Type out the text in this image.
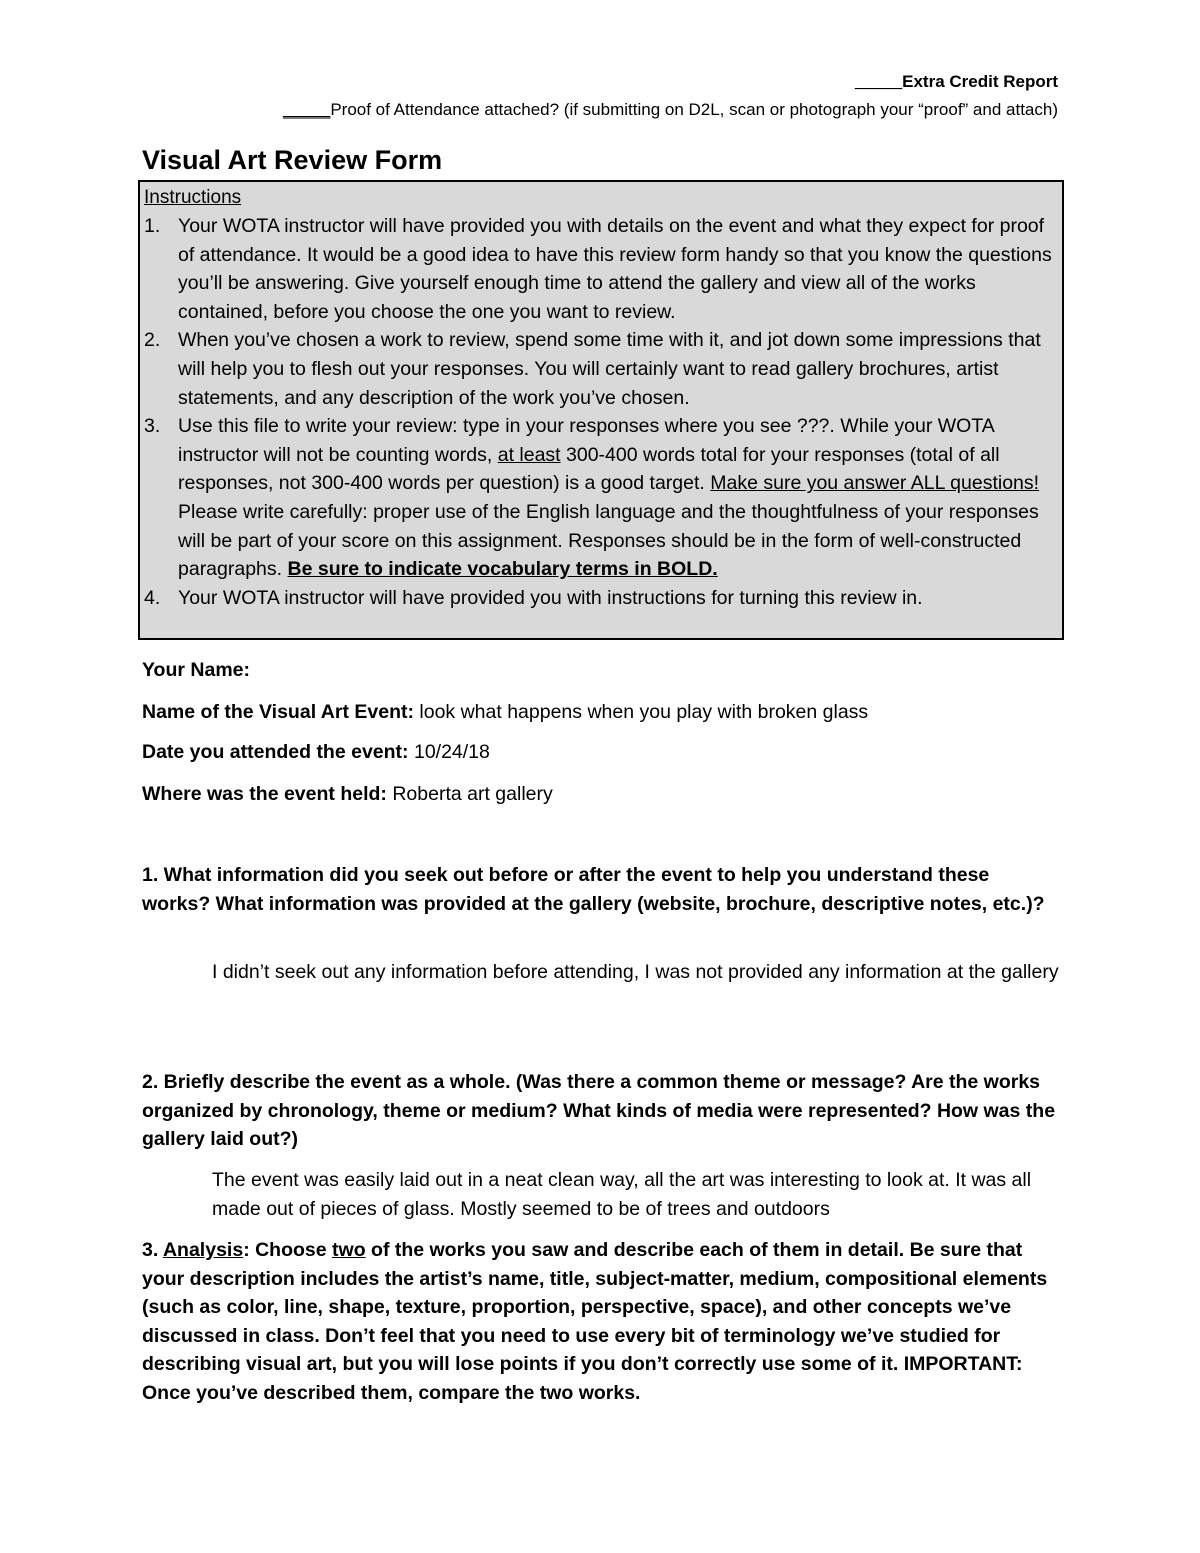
_____Extra Credit Report
_____Proof of Attendance attached? (if submitting on D2L, scan or photograph your “proof” and attach)
Visual Art Review Form
Instructions
1. Your WOTA instructor will have provided you with details on the event and what they expect for proof of attendance. It would be a good idea to have this review form handy so that you know the questions you’ll be answering. Give yourself enough time to attend the gallery and view all of the works contained, before you choose the one you want to review.
2. When you’ve chosen a work to review, spend some time with it, and jot down some impressions that will help you to flesh out your responses. You will certainly want to read gallery brochures, artist statements, and any description of the work you’ve chosen.
3. Use this file to write your review: type in your responses where you see ???. While your WOTA instructor will not be counting words, at least 300-400 words total for your responses (total of all responses, not 300-400 words per question) is a good target. Make sure you answer ALL questions! Please write carefully: proper use of the English language and the thoughtfulness of your responses will be part of your score on this assignment. Responses should be in the form of well-constructed paragraphs. Be sure to indicate vocabulary terms in BOLD.
4. Your WOTA instructor will have provided you with instructions for turning this review in.
Your Name:
Name of the Visual Art Event: look what happens when you play with broken glass
Date you attended the event: 10/24/18
Where was the event held: Roberta art gallery
1. What information did you seek out before or after the event to help you understand these works? What information was provided at the gallery (website, brochure, descriptive notes, etc.)?
I didn’t seek out any information before attending, I was not provided any information at the gallery
2. Briefly describe the event as a whole. (Was there a common theme or message? Are the works organized by chronology, theme or medium? What kinds of media were represented? How was the gallery laid out?)
The event was easily laid out in a neat clean way, all the art was interesting to look at. It was all made out of pieces of glass. Mostly seemed to be of trees and outdoors
3. Analysis: Choose two of the works you saw and describe each of them in detail. Be sure that your description includes the artist’s name, title, subject-matter, medium, compositional elements (such as color, line, shape, texture, proportion, perspective, space), and other concepts we’ve discussed in class. Don’t feel that you need to use every bit of terminology we’ve studied for describing visual art, but you will lose points if you don’t correctly use some of it. IMPORTANT: Once you’ve described them, compare the two works.
